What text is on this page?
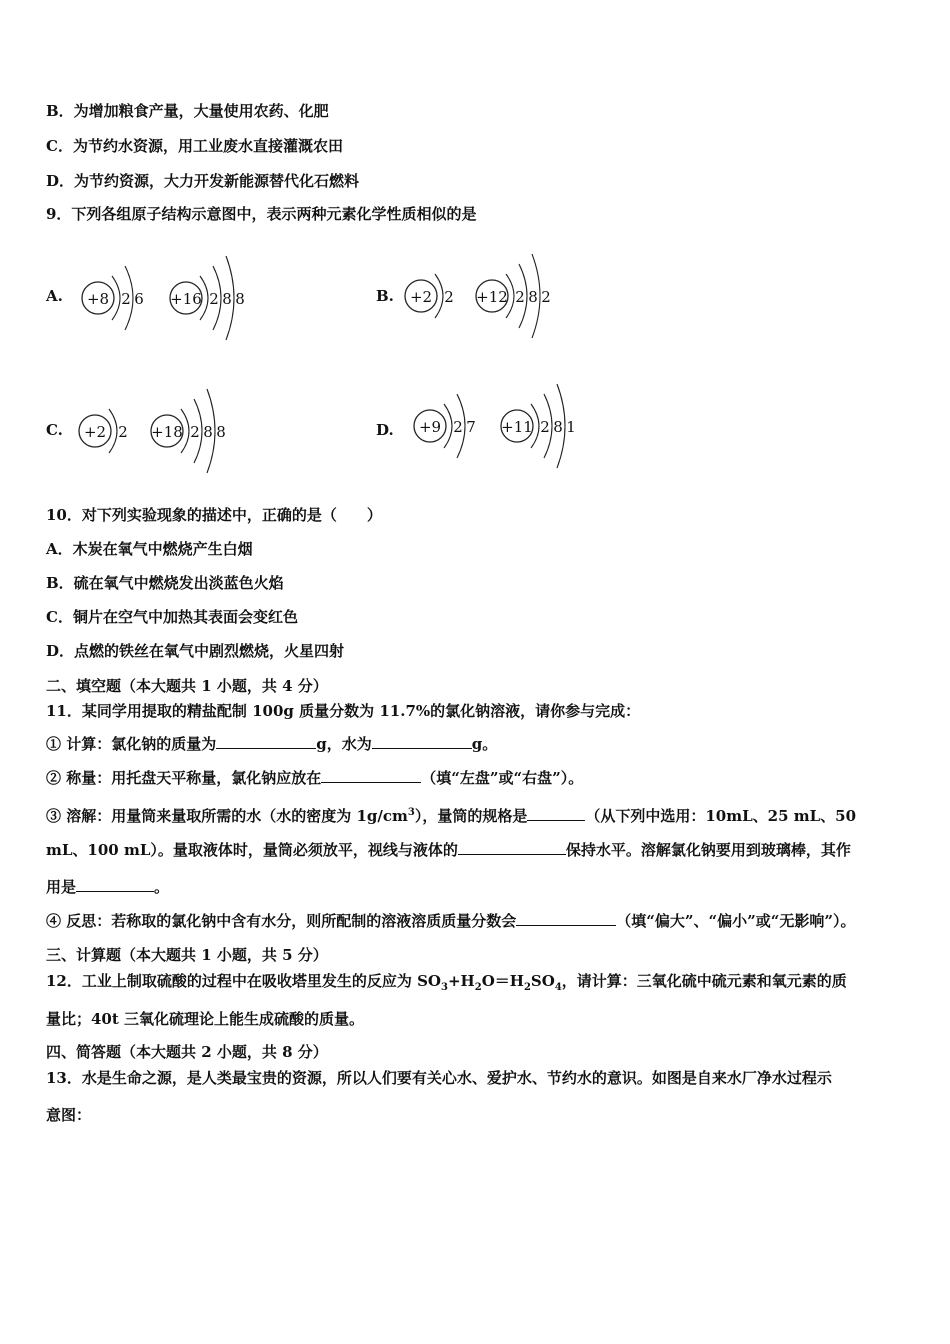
B．为增加粮食产量，大量使用农药、化肥
C．为节约水资源，用工业废水直接灌溉农田
D．为节约资源，大力开发新能源替代化石燃料
9．下列各组原子结构示意图中，表示两种元素化学性质相似的是
A.	B.
C.	D.
+8 2 6 +16 2 8 8	+2 2 +12 2 8 2
+2 2 +18 2 8 8	+9 2 7 +11 2 8 1
10．对下列实验现象的描述中，正确的是（　　）
A．木炭在氧气中燃烧产生白烟
B．硫在氧气中燃烧发出淡蓝色火焰
C．铜片在空气中加热其表面会变红色
D．点燃的铁丝在氧气中剧烈燃烧，火星四射
二、填空题（本大题共 1 小题，共 4 分）
11．某同学用提取的精盐配制 100g 质量分数为 11.7%的氯化钠溶液，请你参与完成：
① 计算：氯化钠的质量为	g，水为	g。
② 称量：用托盘天平称量，氯化钠应放在	（填“左盘”或“右盘”）。
③ 溶解：用量筒来量取所需的水（水的密度为 $1g/cm^3$），量筒的规格是	（从下列中选用：10mL、25 mL、50
mL、100 mL）。量取液体时，量筒必须放平，视线与液体的	保持水平。溶解氯化钠要用到玻璃棒，其作
用是	。
④ 反思：若称取的氯化钠中含有水分，则所配制的溶液溶质质量分数会	（填“偏大”、“偏小”或“无影响”）。
三、计算题（本大题共 1 小题，共 5 分）
12．工业上制取硫酸的过程中在吸收塔里发生的反应为 $SO_3+H_2O=H_2SO_4$，请计算：三氧化硫中硫元素和氧元素的质
量比；40t 三氧化硫理论上能生成硫酸的质量。
四、简答题（本大题共 2 小题，共 8 分）
13．水是生命之源，是人类最宝贵的资源，所以人们要有关心水、爱护水、节约水的意识。如图是自来水厂净水过程示
意图：
